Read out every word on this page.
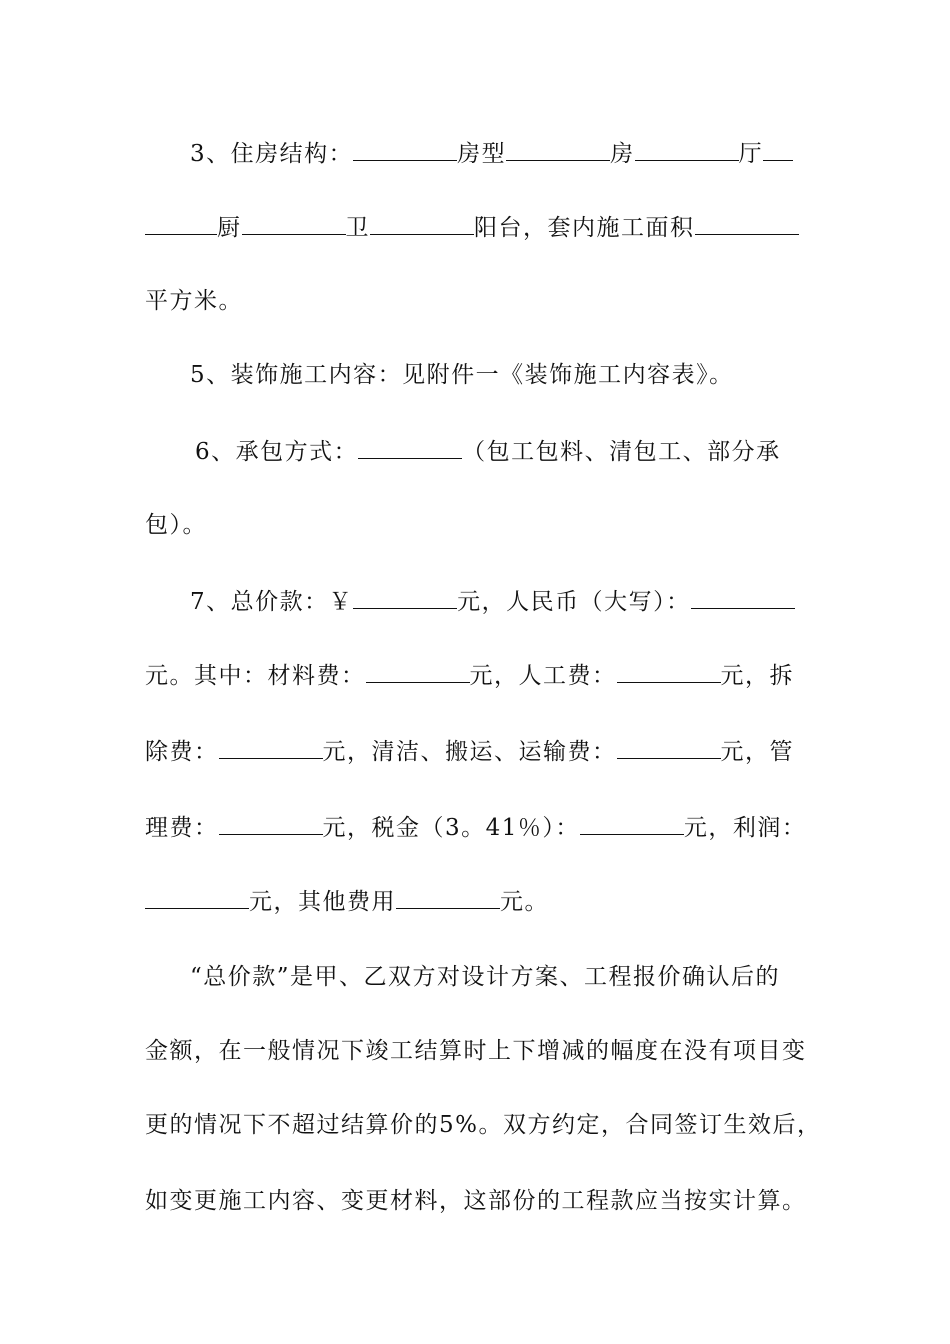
3、住房结构：	房型	房	厅
厨	卫	阳台，套内施工面积
平方米。
5、装饰施工内容：见附件一《装饰施工内容表》。
6、承包方式：	（包工包料、清包工、部分承
包）。
7、总价款：￥	元，人民币（大写）：
元。其中：材料费：	元，人工费：	元，拆
除费：	元，清洁、搬运、运输费：	元，管
理费：	元，税金（3。41％）：	元，利润：
元，其他费用	元。
“总价款”是甲、乙双方对设计方案、工程报价确认后的
金额，在一般情况下竣工结算时上下增减的幅度在没有项目变
更的情况下不超过结算价的5%。双方约定，合同签订生效后，
如变更施工内容、变更材料，这部份的工程款应当按实计算。
